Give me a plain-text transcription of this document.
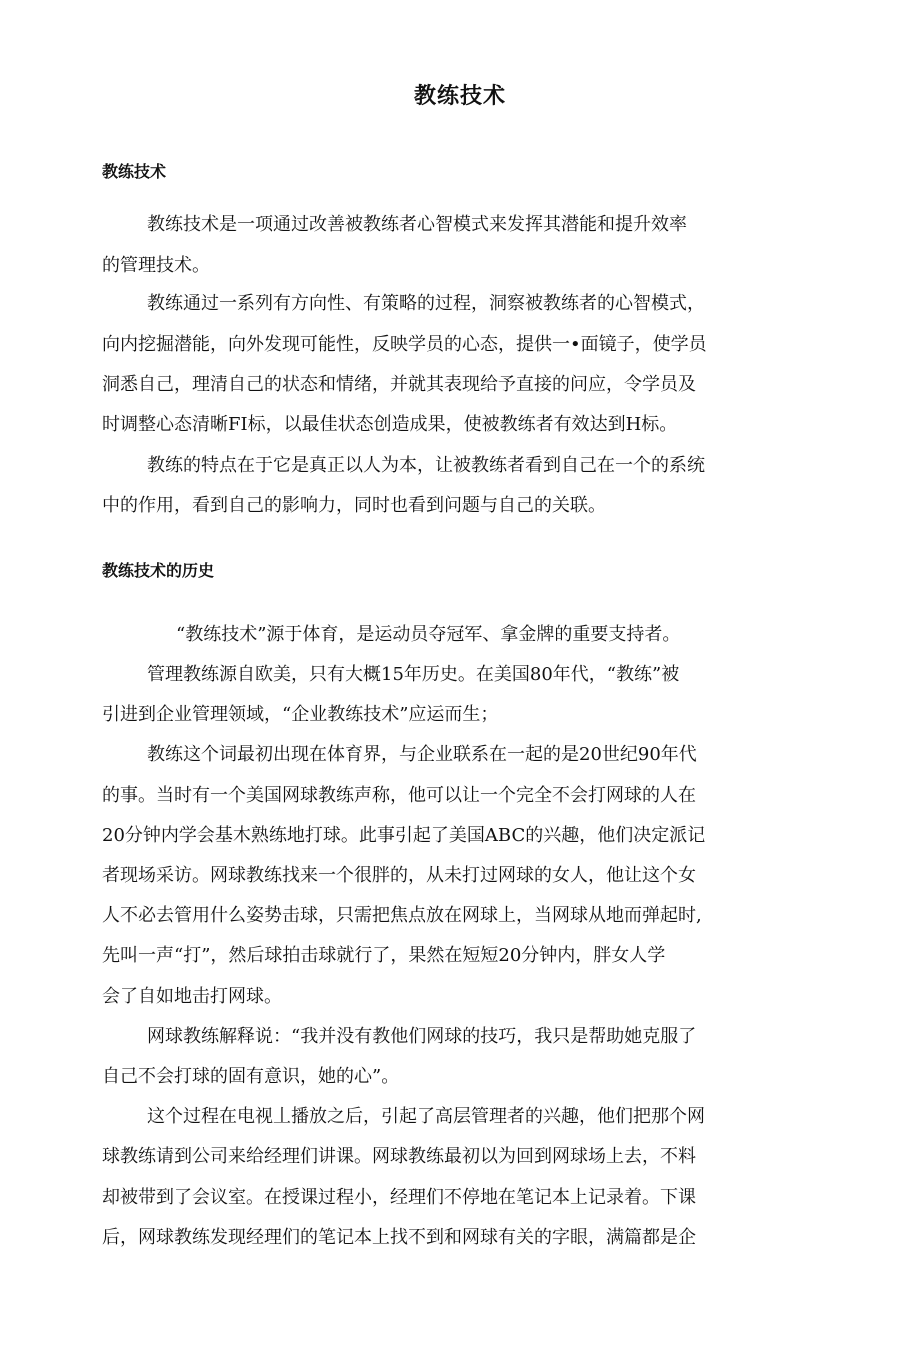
教练技术
教练技术
教练技术是一项通过改善被教练者心智模式来发挥其潜能和提升效率
的管理技术。
教练通过一系列有方向性、有策略的过程，洞察被教练者的心智模式，
向内挖掘潜能，向外发现可能性，反映学员的心态，提供一•面镜子，使学员
洞悉自己，理清自己的状态和情绪，并就其表现给予直接的问应，令学员及
时调整心态清晰FI标，以最佳状态创造成果，使被教练者有效达到H标。
教练的特点在于它是真正以人为本，让被教练者看到自己在一个的系统
中的作用，看到自己的影响力，同时也看到问题与自己的关联。
教练技术的历史
“教练技术”源于体育，是运动员夺冠军、拿金牌的重要支持者。
管理教练源自欧美，只有大概15年历史。在美国80年代，“教练”被
引进到企业管理领域，“企业教练技术”应运而生；
教练这个词最初出现在体育界，与企业联系在一起的是20世纪90年代
的事。当时有一个美国网球教练声称，他可以让一个完全不会打网球的人在
20分钟内学会基木熟练地打球。此事引起了美国ABC的兴趣，他们决定派记
者现场采访。网球教练找来一个很胖的，从未打过网球的女人，他让这个女
人不必去管用什么姿势击球，只需把焦点放在网球上，当网球从地而弹起时,
先叫一声“打”，然后球拍击球就行了，果然在短短20分钟内，胖女人学
会了自如地击打网球。
网球教练解释说：“我并没有教他们网球的技巧，我只是帮助她克服了
自己不会打球的固有意识，她的心”。
这个过程在电视丄播放之后，引起了高层管理者的兴趣，他们把那个网
球教练请到公司来给经理们讲课。网球教练最初以为回到网球场上去，不料
却被带到了会议室。在授课过程小，经理们不停地在笔记本上记录着。下课
后，网球教练发现经理们的笔记本上找不到和网球有关的字眼，满篇都是企
